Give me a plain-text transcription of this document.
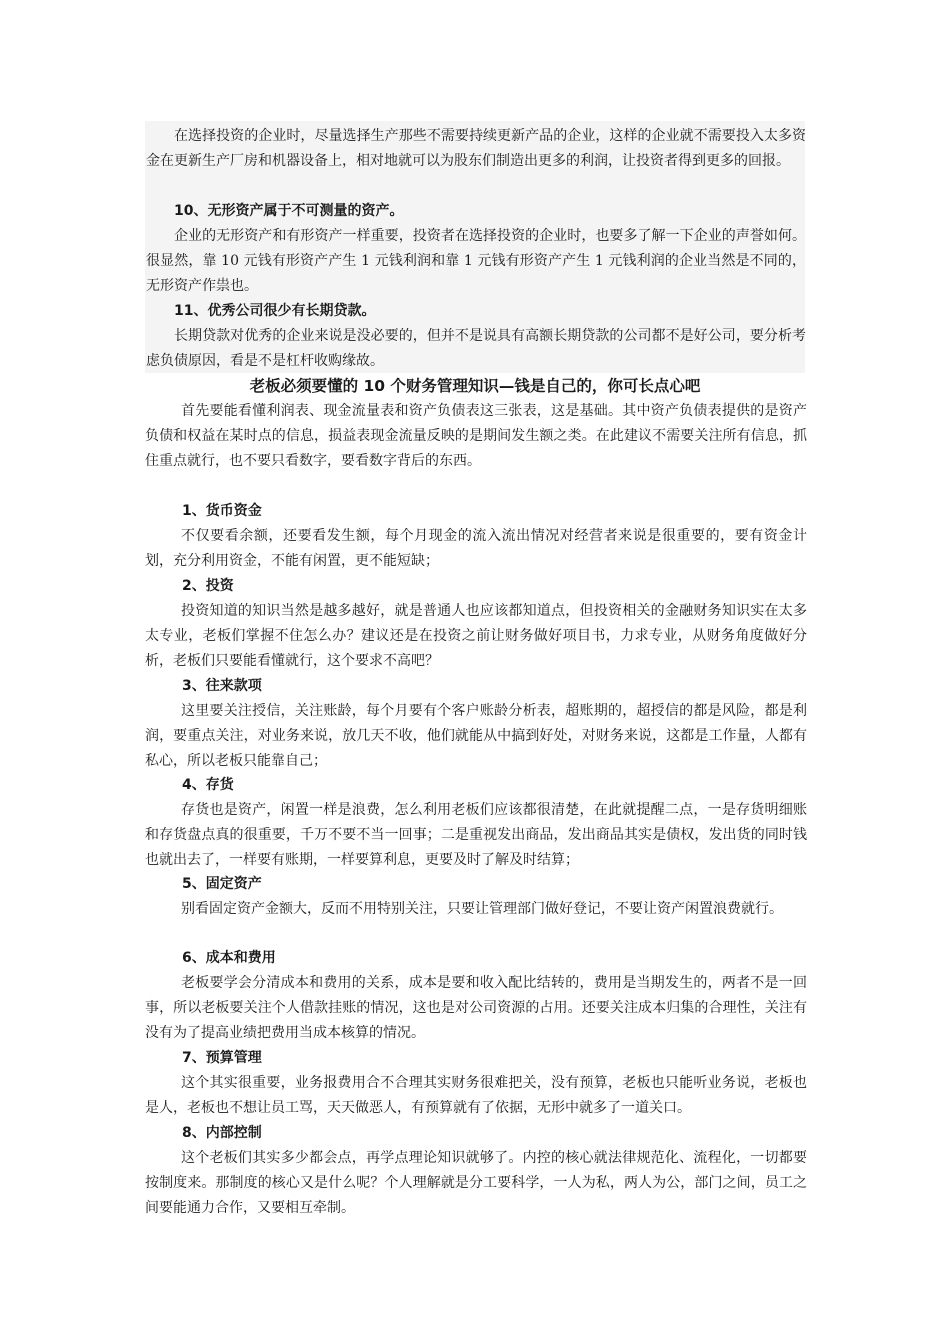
在选择投资的企业时，尽量选择生产那些不需要持续更新产品的企业，这样的企业就不需要投入太多资金在更新生产厂房和机器设备上，相对地就可以为股东们制造出更多的利润，让投资者得到更多的回报。

10、无形资产属于不可测量的资产。

企业的无形资产和有形资产一样重要，投资者在选择投资的企业时，也要多了解一下企业的声誉如何。很显然，靠 10 元钱有形资产产生 1 元钱利润和靠 1 元钱有形资产产生 1 元钱利润的企业当然是不同的，无形资产作祟也。

11、优秀公司很少有长期贷款。

长期贷款对优秀的企业来说是没必要的，但并不是说具有高额长期贷款的公司都不是好公司，要分析考虑负债原因，看是不是杠杆收购缘故。

老板必须要懂的 10 个财务管理知识—钱是自己的，你可长点心吧

首先要能看懂利润表、现金流量表和资产负债表这三张表，这是基础。其中资产负债表提供的是资产负债和权益在某时点的信息，损益表现金流量反映的是期间发生额之类。在此建议不需要关注所有信息，抓住重点就行，也不要只看数字，要看数字背后的东西。

1、货币资金

不仅要看余额，还要看发生额，每个月现金的流入流出情况对经营者来说是很重要的，要有资金计划，充分利用资金，不能有闲置，更不能短缺；

2、投资

投资知道的知识当然是越多越好，就是普通人也应该都知道点，但投资相关的金融财务知识实在太多太专业，老板们掌握不住怎么办？建议还是在投资之前让财务做好项目书，力求专业，从财务角度做好分析，老板们只要能看懂就行，这个要求不高吧？

3、往来款项

这里要关注授信，关注账龄，每个月要有个客户账龄分析表，超账期的，超授信的都是风险，都是利润，要重点关注，对业务来说，放几天不收，他们就能从中搞到好处，对财务来说，这都是工作量，人都有私心，所以老板只能靠自己；

4、存货

存货也是资产，闲置一样是浪费，怎么利用老板们应该都很清楚，在此就提醒二点，一是存货明细账和存货盘点真的很重要，千万不要不当一回事；二是重视发出商品，发出商品其实是债权，发出货的同时钱也就出去了，一样要有账期，一样要算利息，更要及时了解及时结算；

5、固定资产

别看固定资产金额大，反而不用特别关注，只要让管理部门做好登记，不要让资产闲置浪费就行。

6、成本和费用

老板要学会分清成本和费用的关系，成本是要和收入配比结转的，费用是当期发生的，两者不是一回事，所以老板要关注个人借款挂账的情况，这也是对公司资源的占用。还要关注成本归集的合理性，关注有没有为了提高业绩把费用当成本核算的情况。

7、预算管理

这个其实很重要，业务报费用合不合理其实财务很难把关，没有预算，老板也只能听业务说，老板也是人，老板也不想让员工骂，天天做恶人，有预算就有了依据，无形中就多了一道关口。

8、内部控制

这个老板们其实多少都会点，再学点理论知识就够了。内控的核心就法律规范化、流程化，一切都要按制度来。那制度的核心又是什么呢？个人理解就是分工要科学，一人为私，两人为公，部门之间，员工之间要能通力合作，又要相互牵制。
